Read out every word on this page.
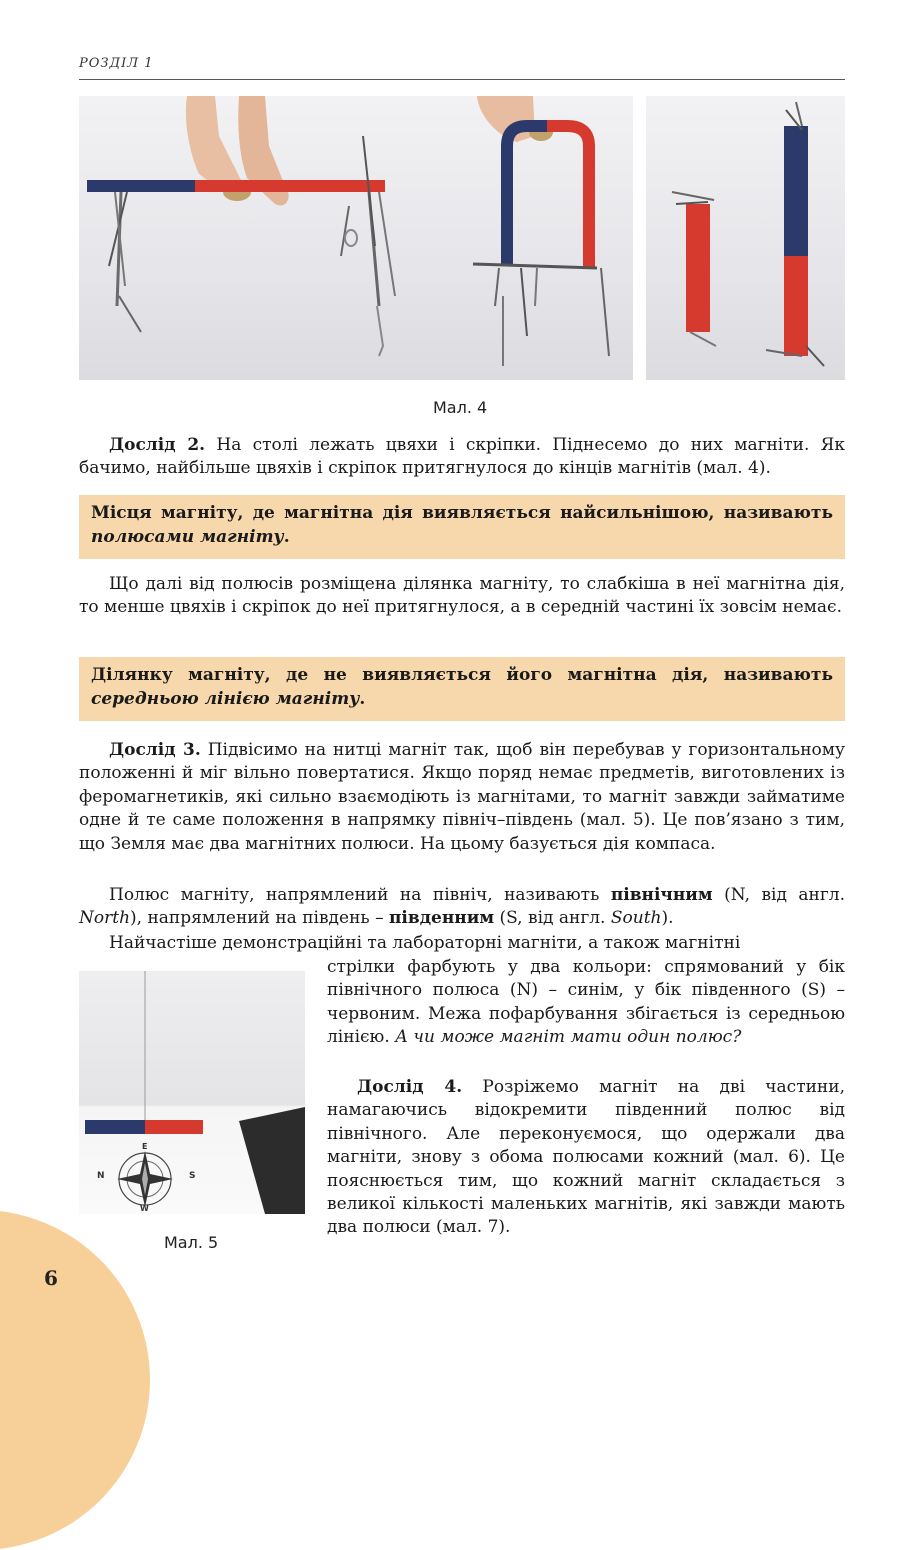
РОЗДІЛ 1
Мал. 4

Дослід 2. На столі лежать цвяхи і скріпки. Піднесемо до них магніти. Як бачимо, найбільше цвяхів і скріпок притягнулося до кінців магнітів (мал. 4).

Місця магніту, де магнітна дія виявляється найсильнішою, називають полюсами магніту.

Що далі від полюсів розміщена ділянка магніту, то слабкіша в неї магнітна дія, то менше цвяхів і скріпок до неї притягнулося, а в середній частині їх зовсім немає.

Ділянку магніту, де не виявляється його магнітна дія, називають середньою лінією магніту.

Дослід 3. Підвісимо на нитці магніт так, щоб він перебував у горизонтальному положенні й міг вільно повертатися. Якщо поряд немає предметів, виготовлених із феромагнетиків, які сильно взаємодіють із магнітами, то магніт завжди займатиме одне й те саме положення в напрямку північ–південь (мал. 5). Це пов’язано з тим, що Земля має два магнітних полюси. На цьому базується дія компаса.

Полюс магніту, напрямлений на північ, називають північним (N, від англ. North), напрямлений на південь – південним (S, від англ. South).

Найчастіше демонстраційні та лабораторні магніти, а також магнітні

стрілки фарбують у два кольори: спрямований у бік північного полюса (N) – синім, у бік південного (S) – червоним. Межа пофарбування збігається із середньою лінією. А чи може магніт мати один полюс?

Дослід 4. Розріжемо магніт на дві частини, намагаючись відокремити південний полюс від північного. Але переконуємося, що одержали два магніти, знову з обома полюсами кожний (мал. 6). Це пояснюється тим, що кожний магніт складається з великої кількості маленьких магнітів, які завжди мають два полюси (мал. 7).

N	S
W
E
Мал. 5
6
